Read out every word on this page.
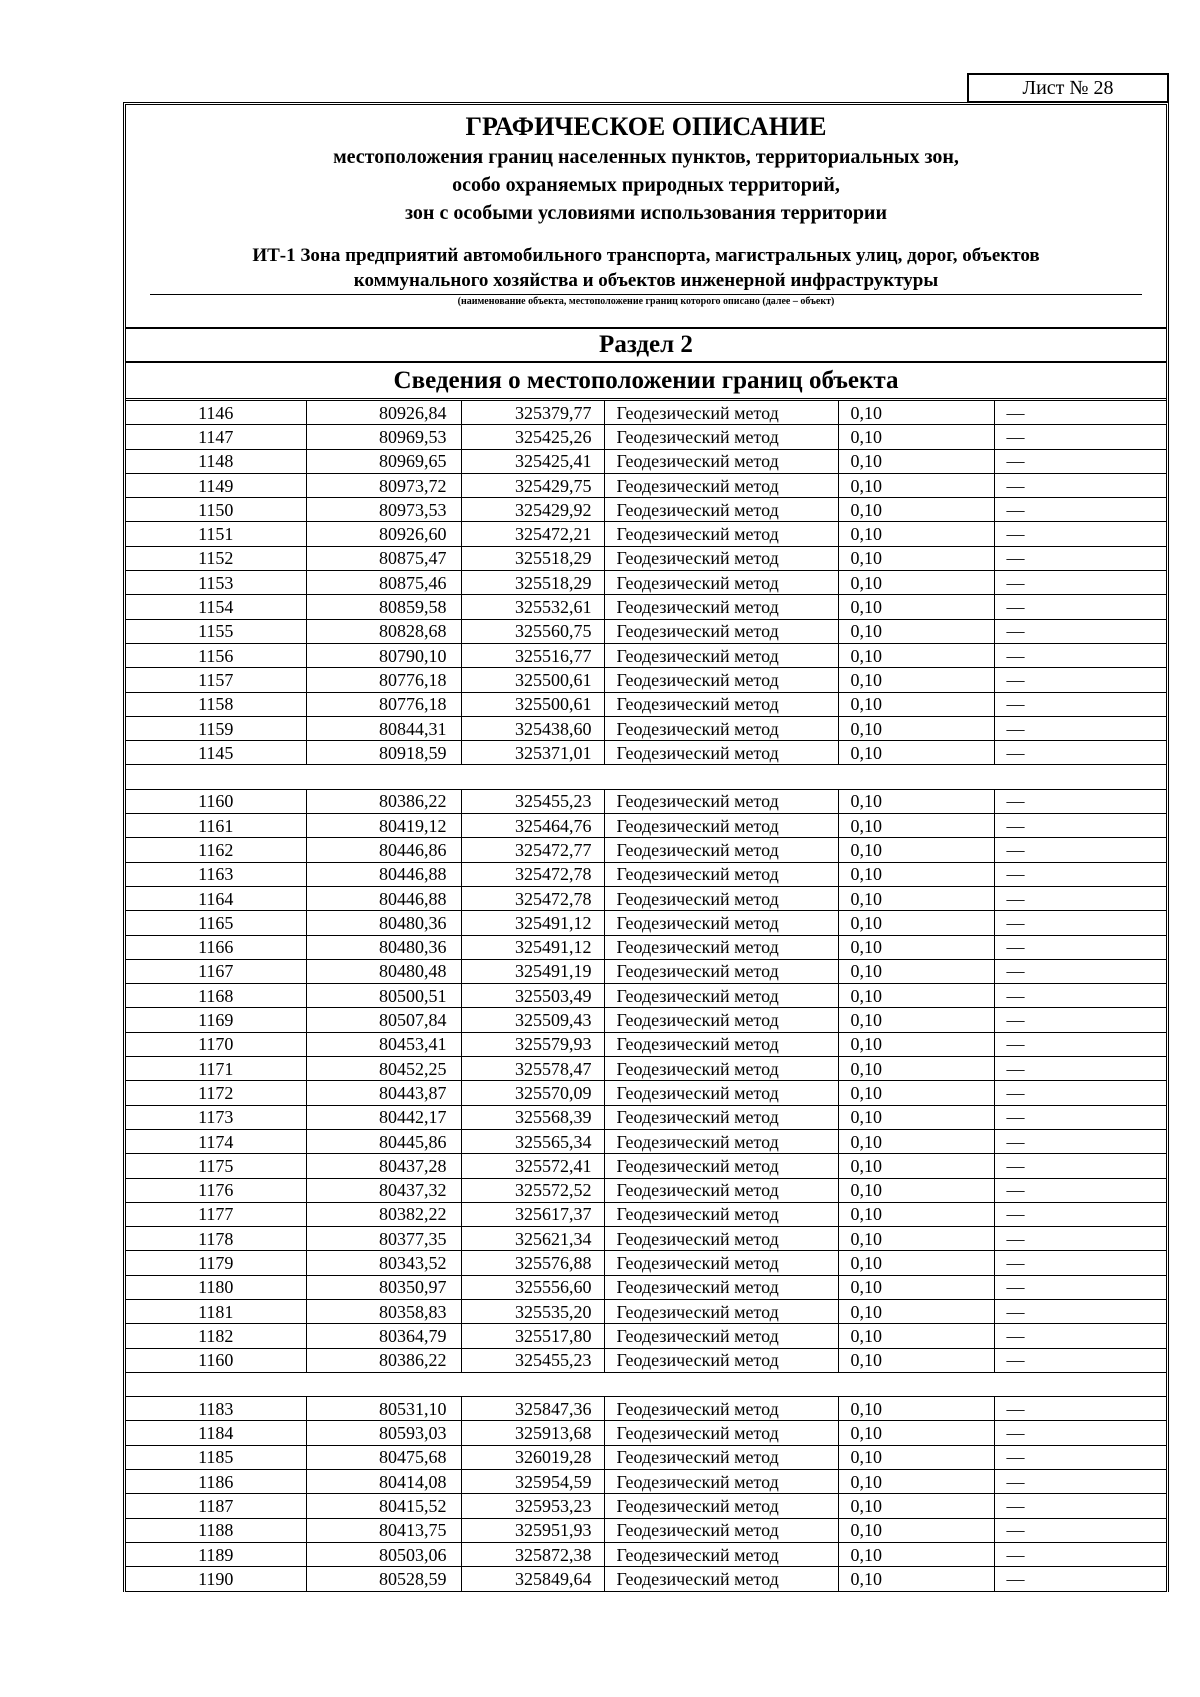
Лист № 28
ГРАФИЧЕСКОЕ ОПИСАНИЕ
местоположения границ населенных пунктов, территориальных зон,
особо охраняемых природных территорий,
зон с особыми условиями использования территории
ИТ-1 Зона предприятий автомобильного транспорта, магистральных улиц, дорог, объектов
коммунального хозяйства и объектов инженерной инфраструктуры
(наименование объекта, местоположение границ которого описано (далее – объект)
Раздел 2
Сведения о местоположении границ объекта
1146	80926,84	325379,77	Геодезический метод	0,10	—
1147	80969,53	325425,26	Геодезический метод	0,10	—
1148	80969,65	325425,41	Геодезический метод	0,10	—
1149	80973,72	325429,75	Геодезический метод	0,10	—
1150	80973,53	325429,92	Геодезический метод	0,10	—
1151	80926,60	325472,21	Геодезический метод	0,10	—
1152	80875,47	325518,29	Геодезический метод	0,10	—
1153	80875,46	325518,29	Геодезический метод	0,10	—
1154	80859,58	325532,61	Геодезический метод	0,10	—
1155	80828,68	325560,75	Геодезический метод	0,10	—
1156	80790,10	325516,77	Геодезический метод	0,10	—
1157	80776,18	325500,61	Геодезический метод	0,10	—
1158	80776,18	325500,61	Геодезический метод	0,10	—
1159	80844,31	325438,60	Геодезический метод	0,10	—
1145	80918,59	325371,01	Геодезический метод	0,10	—

1160	80386,22	325455,23	Геодезический метод	0,10	—
1161	80419,12	325464,76	Геодезический метод	0,10	—
1162	80446,86	325472,77	Геодезический метод	0,10	—
1163	80446,88	325472,78	Геодезический метод	0,10	—
1164	80446,88	325472,78	Геодезический метод	0,10	—
1165	80480,36	325491,12	Геодезический метод	0,10	—
1166	80480,36	325491,12	Геодезический метод	0,10	—
1167	80480,48	325491,19	Геодезический метод	0,10	—
1168	80500,51	325503,49	Геодезический метод	0,10	—
1169	80507,84	325509,43	Геодезический метод	0,10	—
1170	80453,41	325579,93	Геодезический метод	0,10	—
1171	80452,25	325578,47	Геодезический метод	0,10	—
1172	80443,87	325570,09	Геодезический метод	0,10	—
1173	80442,17	325568,39	Геодезический метод	0,10	—
1174	80445,86	325565,34	Геодезический метод	0,10	—
1175	80437,28	325572,41	Геодезический метод	0,10	—
1176	80437,32	325572,52	Геодезический метод	0,10	—
1177	80382,22	325617,37	Геодезический метод	0,10	—
1178	80377,35	325621,34	Геодезический метод	0,10	—
1179	80343,52	325576,88	Геодезический метод	0,10	—
1180	80350,97	325556,60	Геодезический метод	0,10	—
1181	80358,83	325535,20	Геодезический метод	0,10	—
1182	80364,79	325517,80	Геодезический метод	0,10	—
1160	80386,22	325455,23	Геодезический метод	0,10	—

1183	80531,10	325847,36	Геодезический метод	0,10	—
1184	80593,03	325913,68	Геодезический метод	0,10	—
1185	80475,68	326019,28	Геодезический метод	0,10	—
1186	80414,08	325954,59	Геодезический метод	0,10	—
1187	80415,52	325953,23	Геодезический метод	0,10	—
1188	80413,75	325951,93	Геодезический метод	0,10	—
1189	80503,06	325872,38	Геодезический метод	0,10	—
1190	80528,59	325849,64	Геодезический метод	0,10	—
